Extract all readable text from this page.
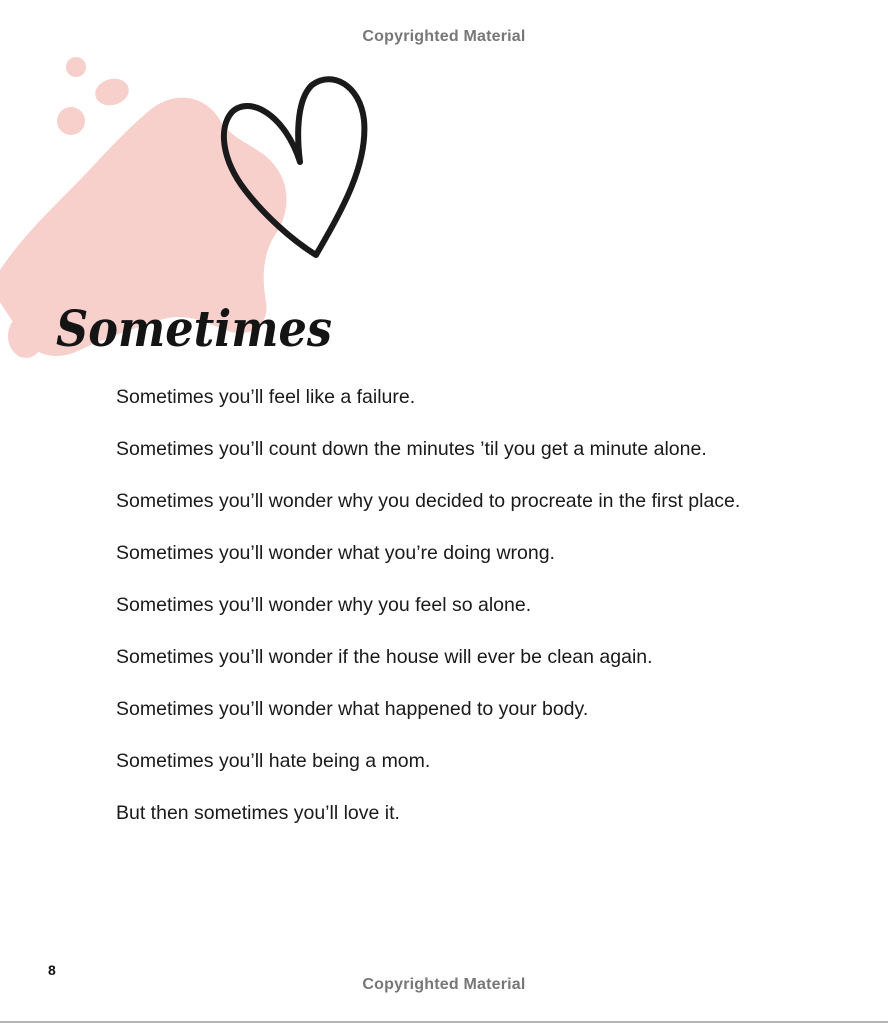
Copyrighted Material
Sometimes
Sometimes you’ll feel like a failure.
Sometimes you’ll count down the minutes ’til you get a minute alone.
Sometimes you’ll wonder why you decided to procreate in the first place.
Sometimes you’ll wonder what you’re doing wrong.
Sometimes you’ll wonder why you feel so alone.
Sometimes you’ll wonder if the house will ever be clean again.
Sometimes you’ll wonder what happened to your body.
Sometimes you’ll hate being a mom.
But then sometimes you’ll love it.
8
Copyrighted Material
